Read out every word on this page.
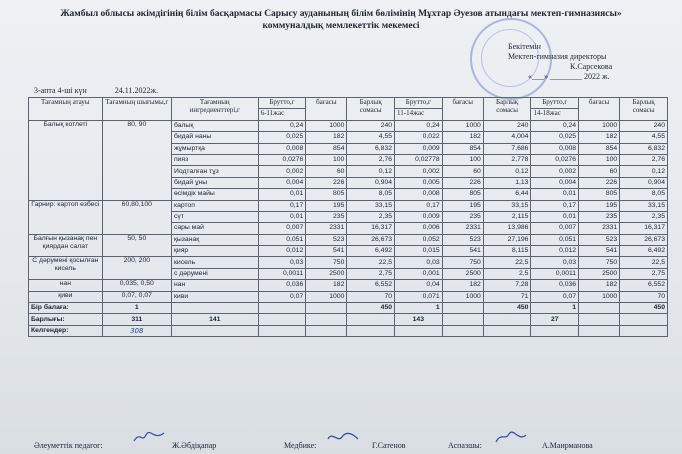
Жамбыл облысы әкімдігінің білім басқармасы Сарысу ауданының білім бөлімінің Мұхтар Әуезов атындағы мектеп-гимназиясы»
коммуналдық мемлекеттік мекемесі
Бекітемін
Мектеп-гимназия директоры
К.Сарсекова
«___» ________ 2022 ж.
3-апта 4-ші күн	24.11.2022ж.
Тағамның атауы	Тағамның шығымы,г	Тағамның ингредиенттері,г	Брутто,г	бағасы	Барлық сомасы	Брутто,г	бағасы	Барлық сомасы	Брутто,г	бағасы	Барлық сомасы
			6-11жас			11-14жас			14-18жас		
Балық котлеті	80, 90	балық	0,24	1000	240	0,24	1000	240	0,24	1000	240
		бидай наны	0,025	182	4,55	0,022	182	4,004	0,025	182	4,55
		жұмыртқа	0,008	854	6,832	0,009	854	7,686	0,008	854	6,832
		пияз	0,0276	100	2,76	0,02778	100	2,778	0,0276	100	2,76
		Иодталған тұз	0,002	60	0,12	0,002	60	0,12	0,002	60	0,12
		бидай ұны	0,004	226	0,904	0,005	226	1,13	0,004	226	0,904
		өсімдік майы	0,01	805	8,05	0,008	805	6,44	0,01	805	8,05
Гарнир: картоп езбесі	60,80,100	картоп	0,17	195	33,15	0,17	195	33,15	0,17	195	33,15
		сүт	0,01	235	2,35	0,009	235	2,115	0,01	235	2,35
		сары май	0,007	2331	16,317	0,006	2331	13,986	0,007	2331	16,317
Балғын қызанақ пен қиярдан салат	50, 50	қызанақ	0,051	523	26,673	0,052	523	27,196	0,051	523	26,673
		қияр	0,012	541	6,492	0,015	541	8,115	0,012	541	6,492
С дәрумені қосылған кисель	200, 200	кисель	0,03	750	22,5	0,03	750	22,5	0,03	750	22,5
		с дәрумені	0,0011	2500	2,75	0,001	2500	2,5	0,0011	2500	2,75
нан	0,035, 0,50	нан	0,036	182	6,552	0,04	182	7,28	0,036	182	6,552
қиви	0,07, 0,07	киви	0,07	1000	70	0,071	1000	71	0,07	1000	70
Бір балаға:	1				450	1		450	1		450
Барлығы:	311	141				143			27		
Келгендер:	308										
Әлеуметтік педагог:	Ж.Әбдіқапар	Медбике:	Г.Сатенов	Аспазшы:	А.Маирманова
